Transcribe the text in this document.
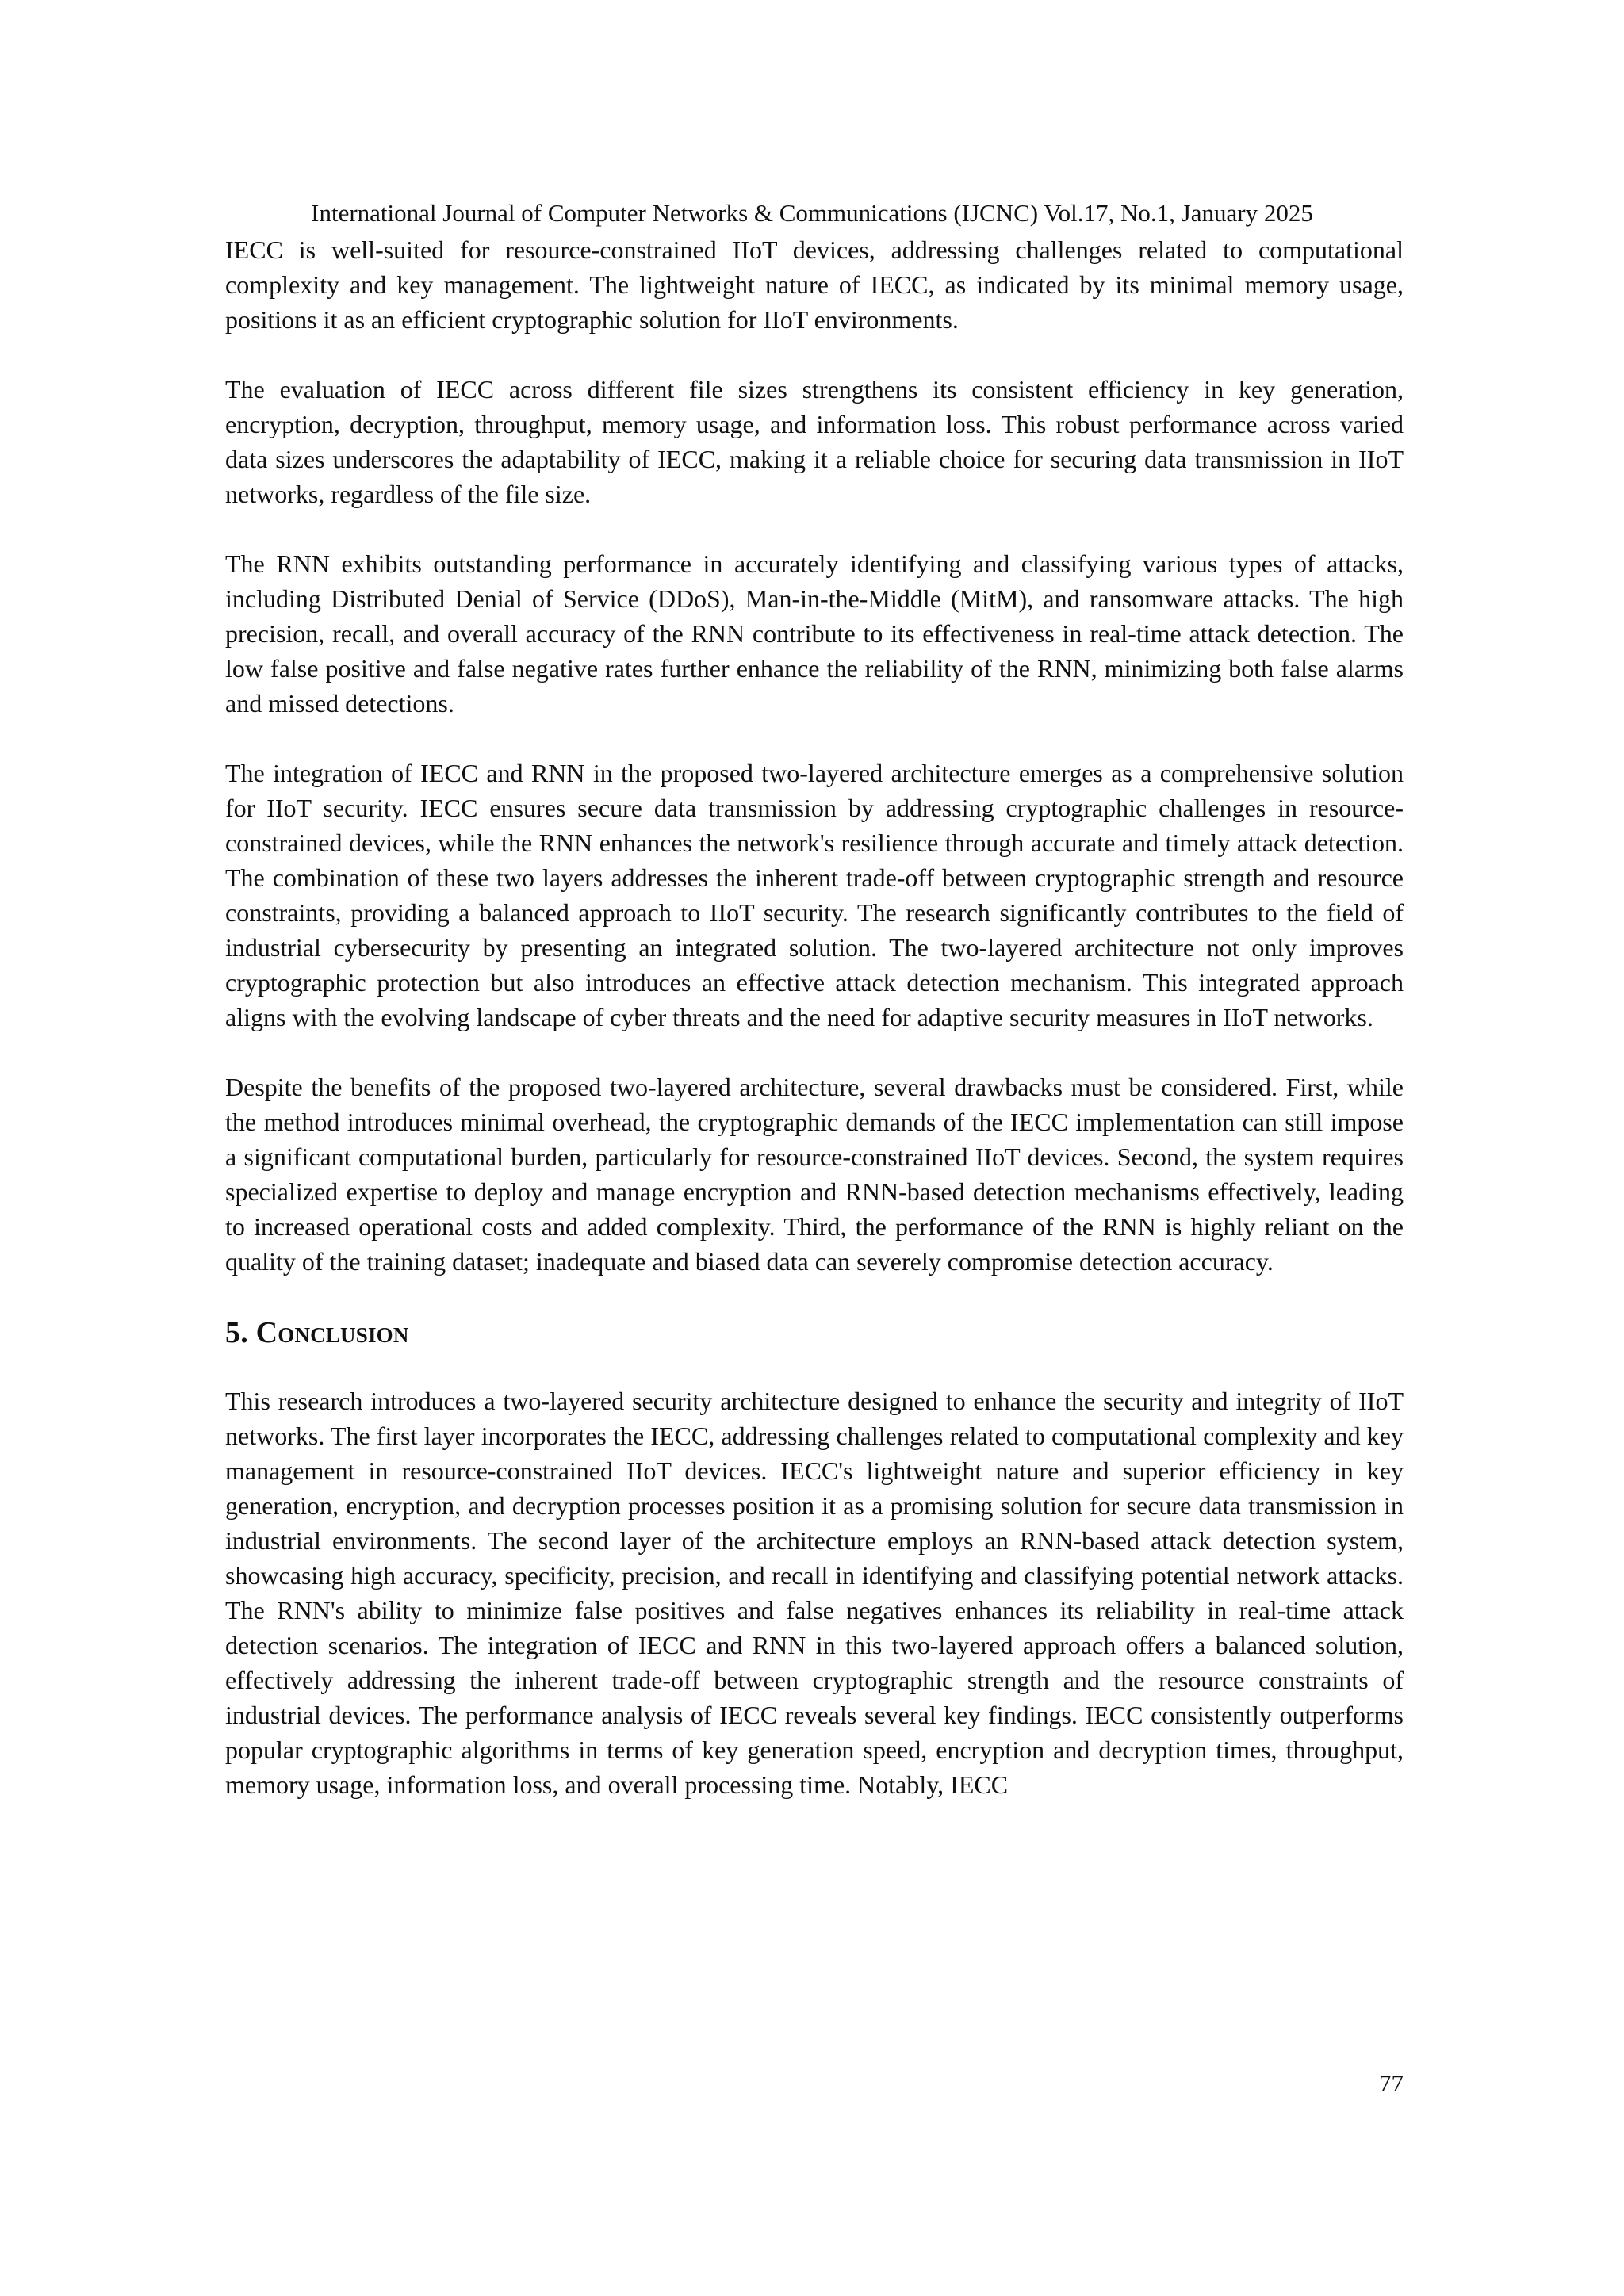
International Journal of Computer Networks & Communications (IJCNC) Vol.17, No.1, January 2025

IECC is well-suited for resource-constrained IIoT devices, addressing challenges related to computational complexity and key management. The lightweight nature of IECC, as indicated by its minimal memory usage, positions it as an efficient cryptographic solution for IIoT environments.

The evaluation of IECC across different file sizes strengthens its consistent efficiency in key generation, encryption, decryption, throughput, memory usage, and information loss. This robust performance across varied data sizes underscores the adaptability of IECC, making it a reliable choice for securing data transmission in IIoT networks, regardless of the file size.

The RNN exhibits outstanding performance in accurately identifying and classifying various types of attacks, including Distributed Denial of Service (DDoS), Man-in-the-Middle (MitM), and ransomware attacks. The high precision, recall, and overall accuracy of the RNN contribute to its effectiveness in real-time attack detection. The low false positive and false negative rates further enhance the reliability of the RNN, minimizing both false alarms and missed detections.

The integration of IECC and RNN in the proposed two-layered architecture emerges as a comprehensive solution for IIoT security. IECC ensures secure data transmission by addressing cryptographic challenges in resource-constrained devices, while the RNN enhances the network's resilience through accurate and timely attack detection. The combination of these two layers addresses the inherent trade-off between cryptographic strength and resource constraints, providing a balanced approach to IIoT security. The research significantly contributes to the field of industrial cybersecurity by presenting an integrated solution. The two-layered architecture not only improves cryptographic protection but also introduces an effective attack detection mechanism. This integrated approach aligns with the evolving landscape of cyber threats and the need for adaptive security measures in IIoT networks.

Despite the benefits of the proposed two-layered architecture, several drawbacks must be considered. First, while the method introduces minimal overhead, the cryptographic demands of the IECC implementation can still impose a significant computational burden, particularly for resource-constrained IIoT devices. Second, the system requires specialized expertise to deploy and manage encryption and RNN-based detection mechanisms effectively, leading to increased operational costs and added complexity. Third, the performance of the RNN is highly reliant on the quality of the training dataset; inadequate and biased data can severely compromise detection accuracy.

5. Conclusion

This research introduces a two-layered security architecture designed to enhance the security and integrity of IIoT networks. The first layer incorporates the IECC, addressing challenges related to computational complexity and key management in resource-constrained IIoT devices. IECC's lightweight nature and superior efficiency in key generation, encryption, and decryption processes position it as a promising solution for secure data transmission in industrial environments. The second layer of the architecture employs an RNN-based attack detection system, showcasing high accuracy, specificity, precision, and recall in identifying and classifying potential network attacks. The RNN's ability to minimize false positives and false negatives enhances its reliability in real-time attack detection scenarios. The integration of IECC and RNN in this two-layered approach offers a balanced solution, effectively addressing the inherent trade-off between cryptographic strength and the resource constraints of industrial devices. The performance analysis of IECC reveals several key findings. IECC consistently outperforms popular cryptographic algorithms in terms of key generation speed, encryption and decryption times, throughput, memory usage, information loss, and overall processing time. Notably, IECC

77
